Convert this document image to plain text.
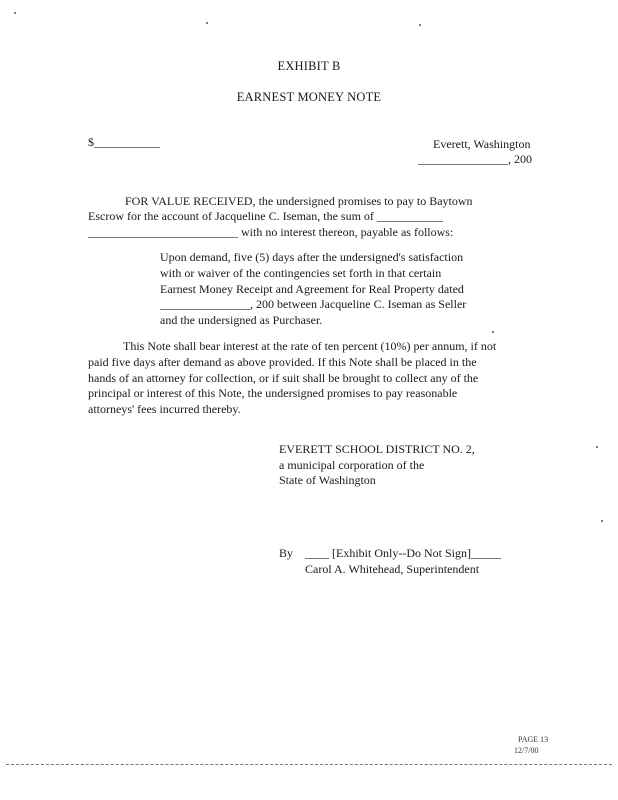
EXHIBIT B
EARNEST MONEY NOTE
$___________	Everett, Washington
_______________, 200
FOR VALUE RECEIVED, the undersigned promises to pay to Baytown
Escrow for the account of Jacqueline C. Iseman, the sum of ___________
_________________________ with no interest thereon, payable as follows:
Upon demand, five (5) days after the undersigned's satisfaction
with or waiver of the contingencies set forth in that certain
Earnest Money Receipt and Agreement for Real Property dated
_______________, 200 between Jacqueline C. Iseman as Seller
and the undersigned as Purchaser.
This Note shall bear interest at the rate of ten percent (10%) per annum, if not
paid five days after demand as above provided. If this Note shall be placed in the
hands of an attorney for collection, or if suit shall be brought to collect any of the
principal or interest of this Note, the undersigned promises to pay reasonable
attorneys' fees incurred thereby.
EVERETT SCHOOL DISTRICT NO. 2,
a municipal corporation of the
State of Washington
By ____ [Exhibit Only--Do Not Sign]_____
Carol A. Whitehead, Superintendent
PAGE 13
12/7/00
